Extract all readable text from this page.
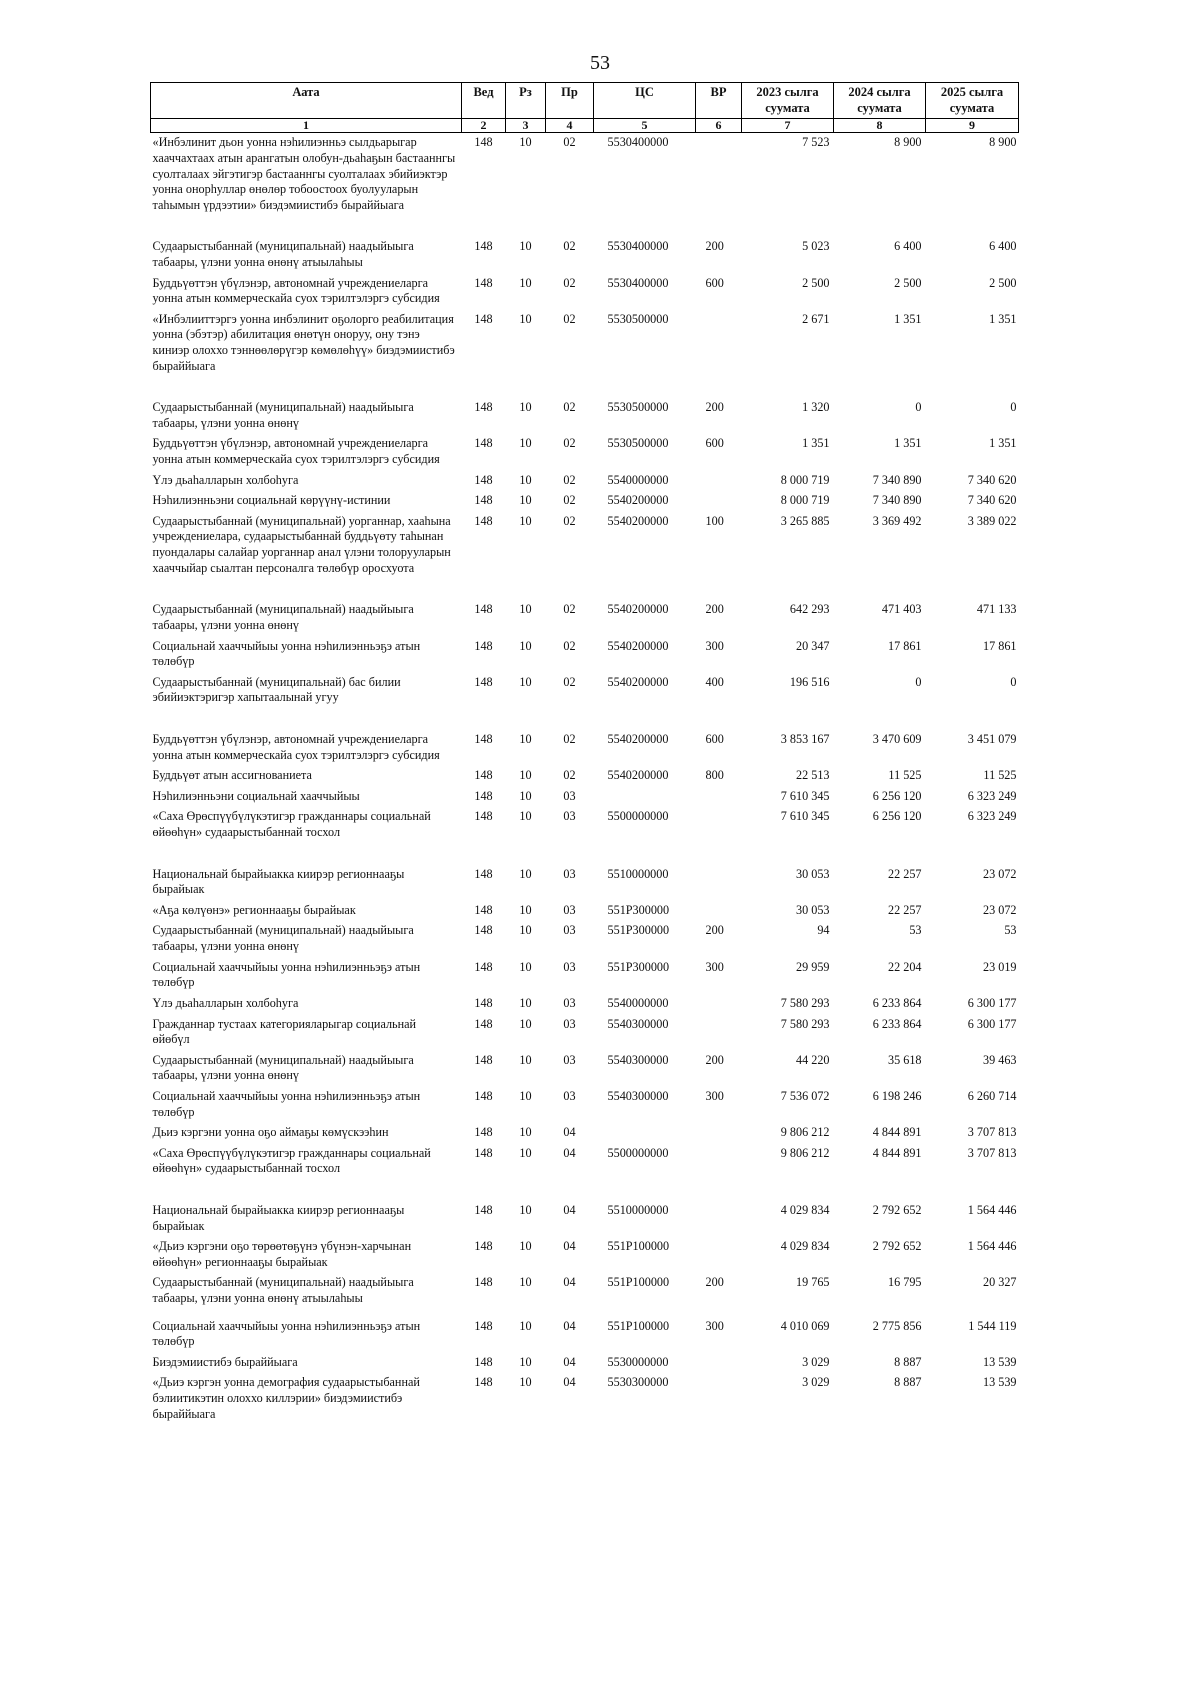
53
Аата	Вед	Рз	Пр	ЦС	ВР	2023 сылга суумата	2024 сылга суумата	2025 сылга суумата
1	2	3	4	5	6	7	8	9
«Инбэлинит дьон уонна нэһилиэнньэ сылдьарыгар хааччахтаах атын арангатын олобун-дьаһаҕын бастааннгы суолталаах эйгэтигэр бастааннгы суолталаах эбийиэктэр уонна онорһуллар өнөлөр тобоостоох буолууларын таһымын үрдээтии» биэдэмиистибэ быраййыага	148	10	02	5530400000		7 523	8 900	8 900
Судаарыстыбаннай (муниципальнай) наадыйыыга табаары, үлэни уонна өнөнү атыылаһыы	148	10	02	5530400000	200	5 023	6 400	6 400
Буддьүөттэн үбүлэнэр, автономнай учреждениеларга уонна атын коммерческайа суох тэрилтэлэргэ субсидия	148	10	02	5530400000	600	2 500	2 500	2 500
«Инбэлииттэргэ уонна инбэлинит оҕолорго реабилитация уонна (эбэтэр) абилитация өнөтүн оноруу, ону тэнэ киниэр олоххо тэннөөлөрүгэр көмөлөһүү» биэдэмиистибэ быраййыага	148	10	02	5530500000		2 671	1 351	1 351
Судаарыстыбаннай (муниципальнай) наадыйыыга табаары, үлэни уонна өнөнү	148	10	02	5530500000	200	1 320	0	0
Буддьүөттэн үбүлэнэр, автономнай учреждениеларга уонна атын коммерческайа суох тэрилтэлэргэ субсидия	148	10	02	5530500000	600	1 351	1 351	1 351
Үлэ дьаһалларын холбоһуга	148	10	02	5540000000		8 000 719	7 340 890	7 340 620
Нэһилиэнньэни социальнай көрүүнү-истинии	148	10	02	5540200000		8 000 719	7 340 890	7 340 620
Судаарыстыбаннай (муниципальнай) уорганнар, хааһына учреждениелара, судаарыстыбаннай буддьүөту таһынан пуондалары салайар уорганнар анал үлэни толорууларын хааччыйар сыалтан персоналга төлөбүр оросхуота	148	10	02	5540200000	100	3 265 885	3 369 492	3 389 022
Судаарыстыбаннай (муниципальнай) наадыйыыга табаары, үлэни уонна өнөнү	148	10	02	5540200000	200	642 293	471 403	471 133
Социальнай хааччыйыы уонна нэһилиэнньэҕэ атын төлөбүр	148	10	02	5540200000	300	20 347	17 861	17 861
Судаарыстыбаннай (муниципальнай) бас билии эбийиэктэригэр хапытаалынай угуу	148	10	02	5540200000	400	196 516	0	0
Буддьүөттэн үбүлэнэр, автономнай учреждениеларга уонна атын коммерческайа суох тэрилтэлэргэ субсидия	148	10	02	5540200000	600	3 853 167	3 470 609	3 451 079
Буддьүөт атын ассигнованиета	148	10	02	5540200000	800	22 513	11 525	11 525
Нэһилиэнньэни социальнай хааччыйыы	148	10	03			7 610 345	6 256 120	6 323 249
«Саха Өрөспүүбүлүкэтигэр гражданнары социальнай өйөөһүн» судаарыстыбаннай тосхол	148	10	03	5500000000		7 610 345	6 256 120	6 323 249
Национальнай бырайыакка киирэр регионнааҕы бырайыак	148	10	03	5510000000		30 053	22 257	23 072
«Аҕа көлүөнэ» регионнааҕы бырайыак	148	10	03	551P300000		30 053	22 257	23 072
Судаарыстыбаннай (муниципальнай) наадыйыыга табаары, үлэни уонна өнөнү	148	10	03	551P300000	200	94	53	53
Социальнай хааччыйыы уонна нэһилиэнньэҕэ атын төлөбүр	148	10	03	551P300000	300	29 959	22 204	23 019
Үлэ дьаһалларын холбоһуга	148	10	03	5540000000		7 580 293	6 233 864	6 300 177
Гражданнар тустаах категорияларыгар социальнай өйөбүл	148	10	03	5540300000		7 580 293	6 233 864	6 300 177
Судаарыстыбаннай (муниципальнай) наадыйыыга табаары, үлэни уонна өнөнү	148	10	03	5540300000	200	44 220	35 618	39 463
Социальнай хааччыйыы уонна нэһилиэнньэҕэ атын төлөбүр	148	10	03	5540300000	300	7 536 072	6 198 246	6 260 714
Дьиэ кэргэни уонна оҕо аймаҕы көмүскээһин	148	10	04			9 806 212	4 844 891	3 707 813
«Саха Өрөспүүбүлүкэтигэр гражданнары социальнай өйөөһүн» судаарыстыбаннай тосхол	148	10	04	5500000000		9 806 212	4 844 891	3 707 813
Национальнай бырайыакка киирэр регионнааҕы бырайыак	148	10	04	5510000000		4 029 834	2 792 652	1 564 446
«Дьиэ кэргэни оҕо төрөөтөҕүнэ үбүнэн-харчынан өйөөһүн» регионнааҕы бырайыак	148	10	04	551P100000		4 029 834	2 792 652	1 564 446
Судаарыстыбаннай (муниципальнай) наадыйыыга табаары, үлэни уонна өнөнү атыылаһыы	148	10	04	551P100000	200	19 765	16 795	20 327
Социальнай хааччыйыы уонна нэһилиэнньэҕэ атын төлөбүр	148	10	04	551P100000	300	4 010 069	2 775 856	1 544 119
Биэдэмиистибэ быраййыага	148	10	04	5530000000		3 029	8 887	13 539
«Дьиэ кэргэн уонна демография судаарыстыбаннай бэлиитикэтин олоххо киллэрии» биэдэмиистибэ быраййыага	148	10	04	5530300000		3 029	8 887	13 539
